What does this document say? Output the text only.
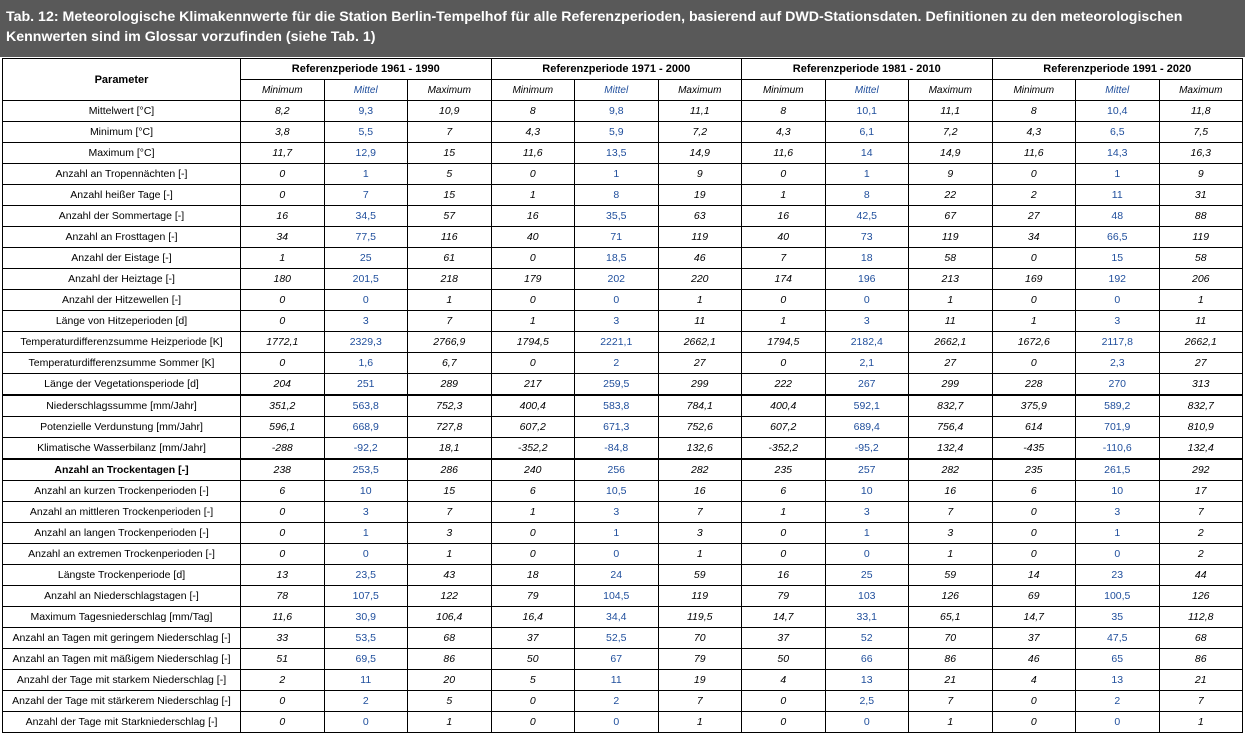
Tab. 12: Meteorologische Klimakennwerte für die Station Berlin-Tempelhof für alle Referenzperioden, basierend auf DWD-Stationsdaten. Definitionen zu den meteorologischen Kennwerten sind im Glossar vorzufinden (siehe Tab. 1)
Parameter	Referenzperiode 1961 - 1990			Referenzperiode 1971 - 2000			Referenzperiode 1981 - 2010			Referenzperiode 1991 - 2020		
	Minimum	Mittel	Maximum	Minimum	Mittel	Maximum	Minimum	Mittel	Maximum	Minimum	Mittel	Maximum
Mittelwert [°C]	8,2	9,3	10,9	8	9,8	11,1	8	10,1	11,1	8	10,4	11,8
Minimum [°C]	3,8	5,5	7	4,3	5,9	7,2	4,3	6,1	7,2	4,3	6,5	7,5
Maximum [°C]	11,7	12,9	15	11,6	13,5	14,9	11,6	14	14,9	11,6	14,3	16,3
Anzahl an Tropennächten [-]	0	1	5	0	1	9	0	1	9	0	1	9
Anzahl heißer Tage [-]	0	7	15	1	8	19	1	8	22	2	11	31
Anzahl der Sommertage [-]	16	34,5	57	16	35,5	63	16	42,5	67	27	48	88
Anzahl an Frosttagen [-]	34	77,5	116	40	71	119	40	73	119	34	66,5	119
Anzahl der Eistage [-]	1	25	61	0	18,5	46	7	18	58	0	15	58
Anzahl der Heiztage [-]	180	201,5	218	179	202	220	174	196	213	169	192	206
Anzahl der Hitzewellen [-]	0	0	1	0	0	1	0	0	1	0	0	1
Länge von Hitzeperioden [d]	0	3	7	1	3	11	1	3	11	1	3	11
Temperaturdifferenzsumme Heizperiode [K]	1772,1	2329,3	2766,9	1794,5	2221,1	2662,1	1794,5	2182,4	2662,1	1672,6	2117,8	2662,1
Temperaturdifferenzsumme Sommer [K]	0	1,6	6,7	0	2	27	0	2,1	27	0	2,3	27
Länge der Vegetationsperiode [d]	204	251	289	217	259,5	299	222	267	299	228	270	313
Niederschlagssumme [mm/Jahr]	351,2	563,8	752,3	400,4	583,8	784,1	400,4	592,1	832,7	375,9	589,2	832,7
Potenzielle Verdunstung [mm/Jahr]	596,1	668,9	727,8	607,2	671,3	752,6	607,2	689,4	756,4	614	701,9	810,9
Klimatische Wasserbilanz [mm/Jahr]	-288	-92,2	18,1	-352,2	-84,8	132,6	-352,2	-95,2	132,4	-435	-110,6	132,4
Anzahl an Trockentagen [-]	238	253,5	286	240	256	282	235	257	282	235	261,5	292
Anzahl an kurzen Trockenperioden [-]	6	10	15	6	10,5	16	6	10	16	6	10	17
Anzahl an mittleren Trockenperioden [-]	0	3	7	1	3	7	1	3	7	0	3	7
Anzahl an langen Trockenperioden [-]	0	1	3	0	1	3	0	1	3	0	1	2
Anzahl an extremen Trockenperioden [-]	0	0	1	0	0	1	0	0	1	0	0	2
Längste Trockenperiode [d]	13	23,5	43	18	24	59	16	25	59	14	23	44
Anzahl an Niederschlagstagen [-]	78	107,5	122	79	104,5	119	79	103	126	69	100,5	126
Maximum Tagesniederschlag [mm/Tag]	11,6	30,9	106,4	16,4	34,4	119,5	14,7	33,1	65,1	14,7	35	112,8
Anzahl an Tagen mit geringem Niederschlag [-]	33	53,5	68	37	52,5	70	37	52	70	37	47,5	68
Anzahl an Tagen mit mäßigem Niederschlag [-]	51	69,5	86	50	67	79	50	66	86	46	65	86
Anzahl der Tage mit starkem Niederschlag [-]	2	11	20	5	11	19	4	13	21	4	13	21
Anzahl der Tage mit stärkerem Niederschlag [-]	0	2	5	0	2	7	0	2,5	7	0	2	7
Anzahl der Tage mit Starkniederschlag [-]	0	0	1	0	0	1	0	0	1	0	0	1
